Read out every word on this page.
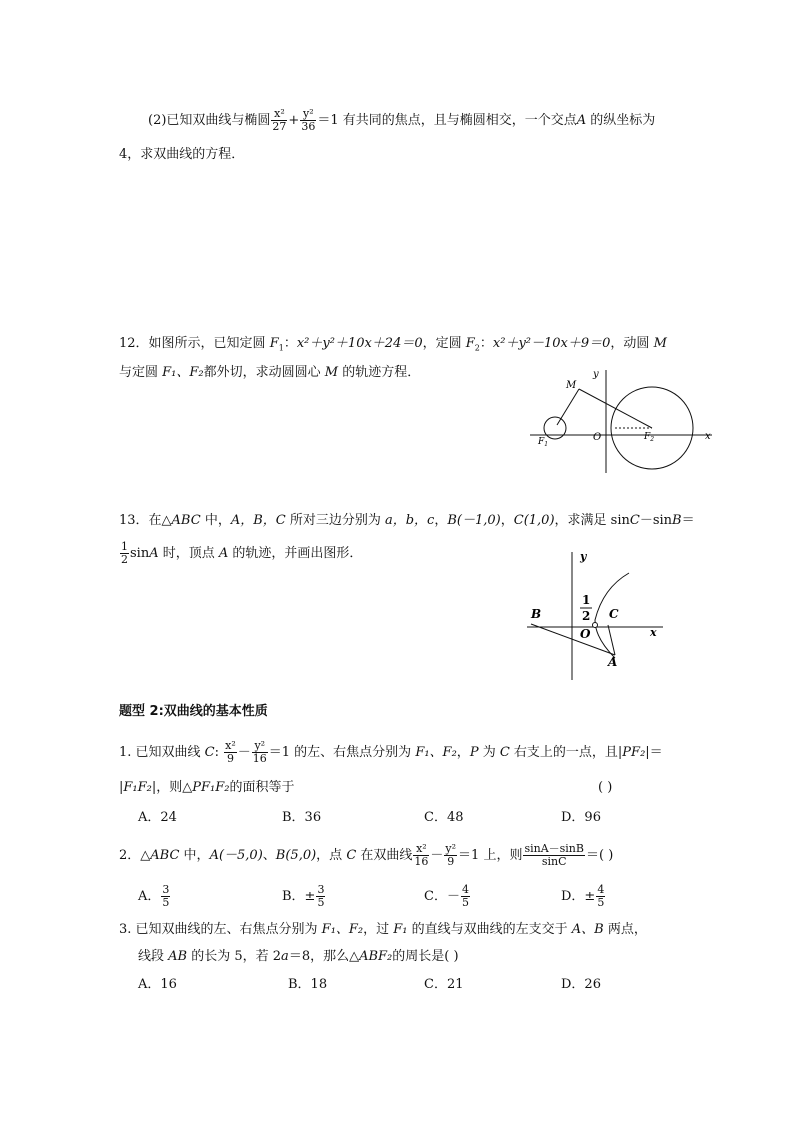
(2)已知双曲线与椭圆 $\frac{\text{x²}}{27} + \frac{\text{y²}}{36} =1$ 有共同的焦点，且与椭圆相交，一个交点A 的纵坐标为
4，求双曲线的方程．
12．如图所示，已知定圆 $F_1$：x²＋y²＋10x＋24＝0，定圆 $F_2$：x²＋y²－10x＋9＝0，动圆 M
与定圆 F₁、F₂都外切，求动圆圆心 M 的轨迹方程．
M
y
$F_1$
O	$F_2$	x
13．在△ABC 中，A，B，C 所对三边分别为 a，b，c，B(－1,0)，C(1,0)，求满足 sinC－sinB＝
$\frac{1}{2}$ sinA 时，顶点 A 的轨迹，并画出图形．	y
B
1
2 C
O	x
A
题型 2:双曲线的基本性质
1. 已知双曲线 C: $\frac{\text{x²}}{9} - \frac{\text{y²}}{16} =1$ 的左、右焦点分别为 F₁、F₂，P 为 C 右支上的一点，且|PF₂|＝
|F₁F₂|，则△PF₁F₂的面积等于	( )
A．24	B．36	C．48	D．96
2．△ABC 中，A(－5,0)、B(5,0)，点 C 在双曲线 $\frac{\text{x²}}{16} - \frac{\text{y²}}{9} =1$ 上，则 $\frac{\sin A-\sin B}{\sin C}$ ＝( )
A． $\frac{3}{5}$	B．± $\frac{3}{5}$	C．－ $\frac{4}{5}$	D．± $\frac{4}{5}$
3. 已知双曲线的左、右焦点分别为 F₁、F₂，过 F₁ 的直线与双曲线的左支交于 A、B 两点，
线段 AB 的长为 5，若 2a＝8，那么△ABF₂的周长是( )
A．16	B．18	C．21	D．26
